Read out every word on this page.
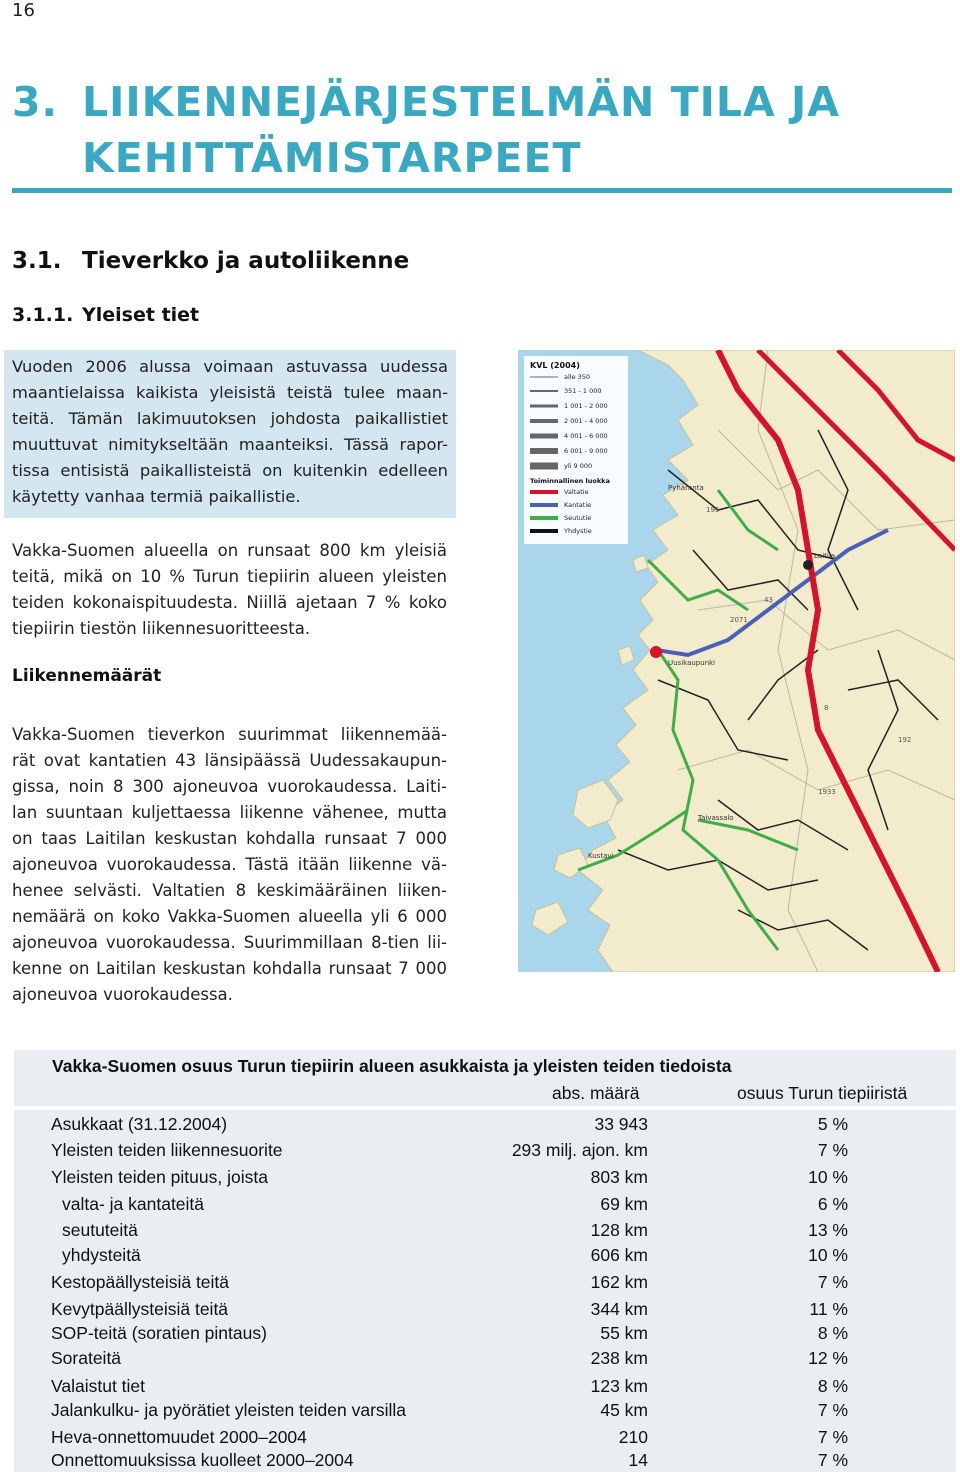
16
3. LIIKENNEJÄRJESTELMÄN TILA JA
KEHITTÄMISTARPEET
3.1. Tieverkko ja autoliikenne
3.1.1. Yleiset tiet

Vuoden 2006 alussa voimaan astuvassa uudessa
maantielaissa kaikista yleisistä teistä tulee maan-
teitä. Tämän lakimuutoksen johdosta paikallistiet
muuttuvat nimitykseltään maanteiksi. Tässä rapor-
tissa entisistä paikallisteistä on kuitenkin edelleen
käytetty vanhaa termiä paikallistie.

Vakka-Suomen alueella on runsaat 800 km yleisiä
teitä, mikä on 10 % Turun tiepiirin alueen yleisten
teiden kokonaispituudesta. Niillä ajetaan 7 % koko
tiepiirin tiestön liikennesuoritteesta.

Liikennemäärät

Vakka-Suomen tieverkon suurimmat liikennemää-
rät ovat kantatien 43 länsipäässä Uudessakaupun-
gissa, noin 8 300 ajoneuvoa vuorokaudessa. Laiti-
lan suuntaan kuljettaessa liikenne vähenee, mutta
on taas Laitilan keskustan kohdalla runsaat 7 000
ajoneuvoa vuorokaudessa. Tästä itään liikenne vä-
henee selvästi. Valtatien 8 keskimääräinen liiken-
nemäärä on koko Vakka-Suomen alueella yli 6 000
ajoneuvoa vuorokaudessa. Suurimmillaan 8-tien lii-
kenne on Laitilan keskustan kohdalla runsaat 7 000
ajoneuvoa vuorokaudessa.

KVL (2004)
alle 350
351 - 1 000
1 001 - 2 000
2 001 - 4 000
4 001 - 6 000
6 001 - 9 000
yli 9 000
Toiminnallinen luokka
Valtatie
Kantatie
Seututie
Yhdystie
Pyhäranta
Uusikaupunki
Taivassalo
Kustavi
Laitila
8
43
196
2071
1933
192
Vakka-Suomen osuus Turun tiepiirin alueen asukkaista ja yleisten teiden tiedoista
abs. määrä	osuus Turun tiepiiristä
Asukkaat (31.12.2004)	33 943	5 %
Yleisten teiden liikennesuorite	293 milj. ajon. km	7 %
Yleisten teiden pituus, joista	803 km	10 %
valta- ja kantateitä	69 km	6 %
seututeitä	128 km	13 %
yhdysteitä	606 km	10 %
Kestopäällysteisiä teitä	162 km	7 %
Kevytpäällysteisiä teitä	344 km	11 %
SOP-teitä (soratien pintaus)	55 km	8 %
Sorateitä	238 km	12 %
Valaistut tiet	123 km	8 %
Jalankulku- ja pyörätiet yleisten teiden varsilla	45 km	7 %
Heva-onnettomuudet 2000–2004	210	7 %
Onnettomuuksissa kuolleet 2000–2004	14	7 %
